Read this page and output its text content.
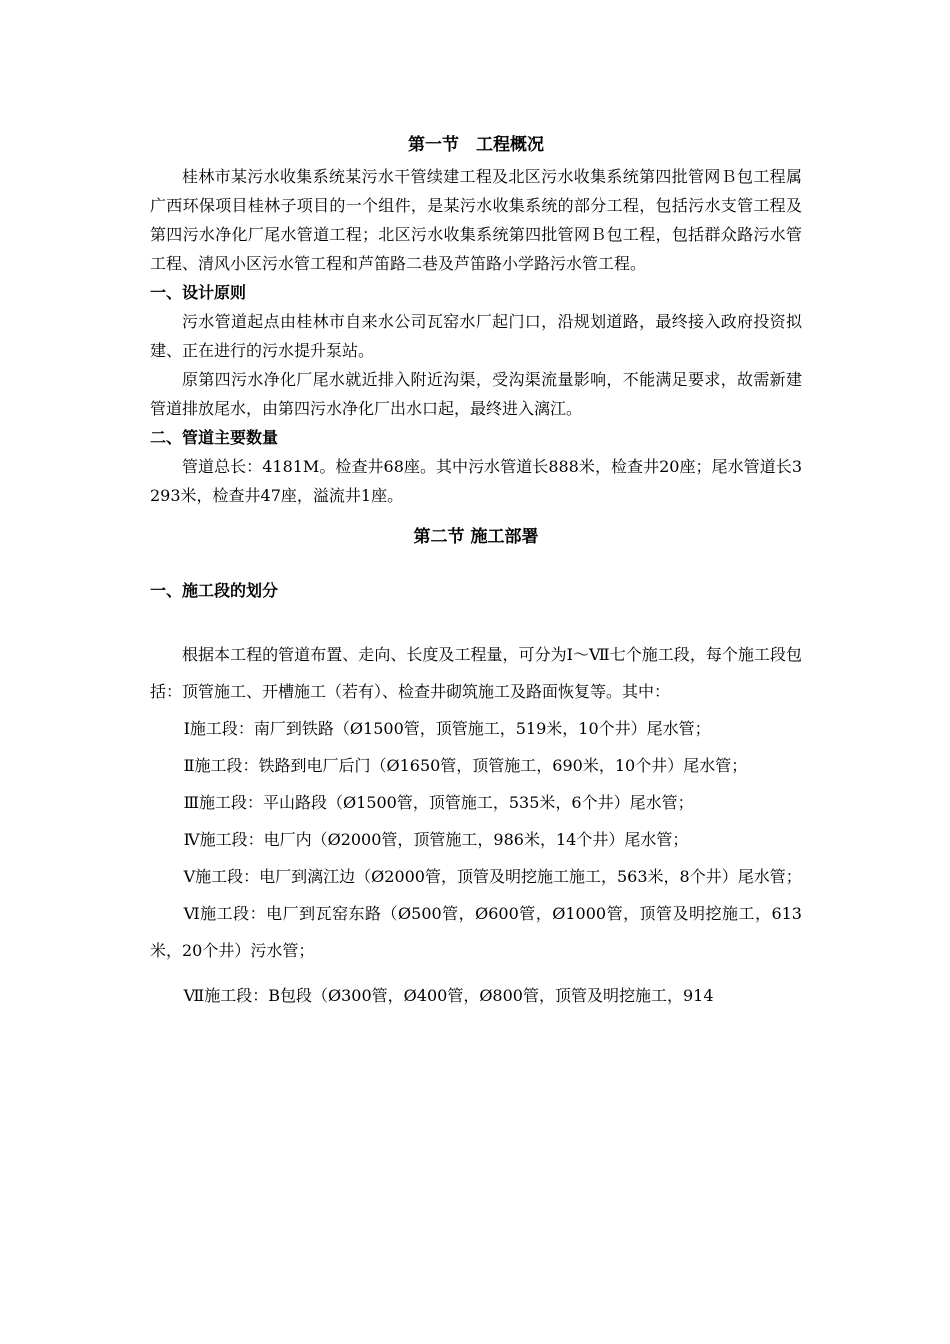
第一节　工程概况

桂林市某污水收集系统某污水干管续建工程及北区污水收集系统第四批管网Ｂ包工程属广西环保项目桂林子项目的一个组件，是某污水收集系统的部分工程，包括污水支管工程及第四污水净化厂尾水管道工程；北区污水收集系统第四批管网Ｂ包工程，包括群众路污水管工程、清风小区污水管工程和芦笛路二巷及芦笛路小学路污水管工程。

一、设计原则

污水管道起点由桂林市自来水公司瓦窑水厂起门口，沿规划道路，最终接入政府投资拟建、正在进行的污水提升泵站。

原第四污水净化厂尾水就近排入附近沟渠，受沟渠流量影响，不能满足要求，故需新建管道排放尾水，由第四污水净化厂出水口起，最终进入漓江。

二、管道主要数量

管道总长：4181M。检查井68座。其中污水管道长888米，检查井20座；尾水管道长3293米，检查井47座，溢流井1座。

第二节 施工部署

一、施工段的划分

根据本工程的管道布置、走向、长度及工程量，可分为Ⅰ～Ⅶ七个施工段，每个施工段包括：顶管施工、开槽施工（若有）、检查井砌筑施工及路面恢复等。其中：

Ⅰ施工段：南厂到铁路（Ø1500管，顶管施工，519米，10个井）尾水管；

Ⅱ施工段：铁路到电厂后门（Ø1650管，顶管施工，690米，10个井）尾水管；

Ⅲ施工段：平山路段（Ø1500管，顶管施工，535米，6个井）尾水管；

Ⅳ施工段：电厂内（Ø2000管，顶管施工，986米，14个井）尾水管；

Ⅴ施工段：电厂到漓江边（Ø2000管，顶管及明挖施工施工，563米，8个井）尾水管；

Ⅵ施工段：电厂到瓦窑东路（Ø500管，Ø600管，Ø1000管，顶管及明挖施工，613米，20个井）污水管；

Ⅶ施工段：B包段（Ø300管，Ø400管，Ø800管，顶管及明挖施工，914
